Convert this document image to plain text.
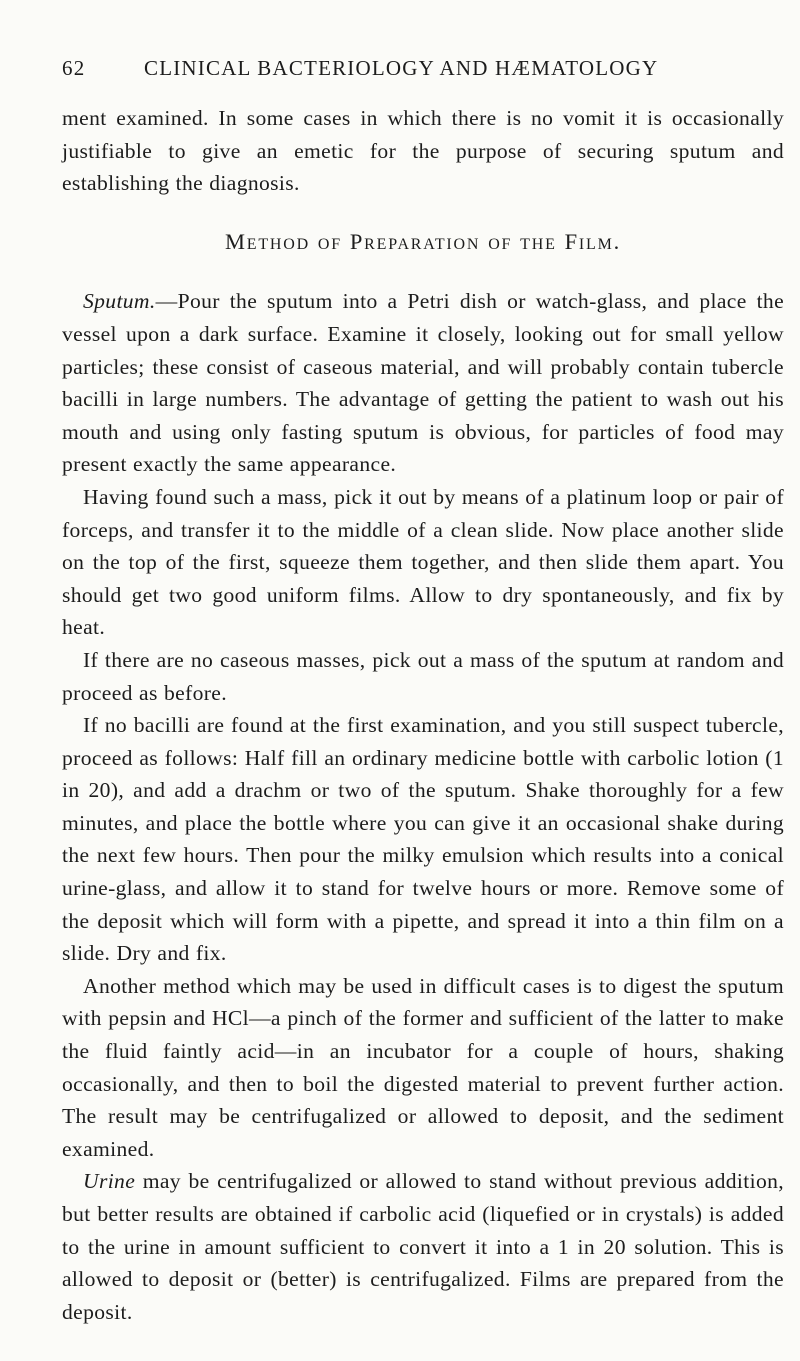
62	CLINICAL BACTERIOLOGY AND HÆMATOLOGY

ment examined. In some cases in which there is no vomit it is occasionally justifiable to give an emetic for the purpose of securing sputum and establishing the diagnosis.

Method of Preparation of the Film.

Sputum.—Pour the sputum into a Petri dish or watch-glass, and place the vessel upon a dark surface. Examine it closely, looking out for small yellow particles; these consist of caseous material, and will probably contain tubercle bacilli in large numbers. The advantage of getting the patient to wash out his mouth and using only fasting sputum is obvious, for particles of food may present exactly the same appearance.

Having found such a mass, pick it out by means of a platinum loop or pair of forceps, and transfer it to the middle of a clean slide. Now place another slide on the top of the first, squeeze them together, and then slide them apart. You should get two good uniform films. Allow to dry spontaneously, and fix by heat.

If there are no caseous masses, pick out a mass of the sputum at random and proceed as before.

If no bacilli are found at the first examination, and you still suspect tubercle, proceed as follows: Half fill an ordinary medicine bottle with carbolic lotion (1 in 20), and add a drachm or two of the sputum. Shake thoroughly for a few minutes, and place the bottle where you can give it an occasional shake during the next few hours. Then pour the milky emulsion which results into a conical urine-glass, and allow it to stand for twelve hours or more. Remove some of the deposit which will form with a pipette, and spread it into a thin film on a slide. Dry and fix.

Another method which may be used in difficult cases is to digest the sputum with pepsin and HCl—a pinch of the former and sufficient of the latter to make the fluid faintly acid—in an incubator for a couple of hours, shaking occasionally, and then to boil the digested material to prevent further action. The result may be centrifugalized or allowed to deposit, and the sediment examined.

Urine may be centrifugalized or allowed to stand without previous addition, but better results are obtained if carbolic acid (liquefied or in crystals) is added to the urine in amount sufficient to convert it into a 1 in 20 solution. This is allowed to deposit or (better) is centrifugalized. Films are prepared from the deposit.
